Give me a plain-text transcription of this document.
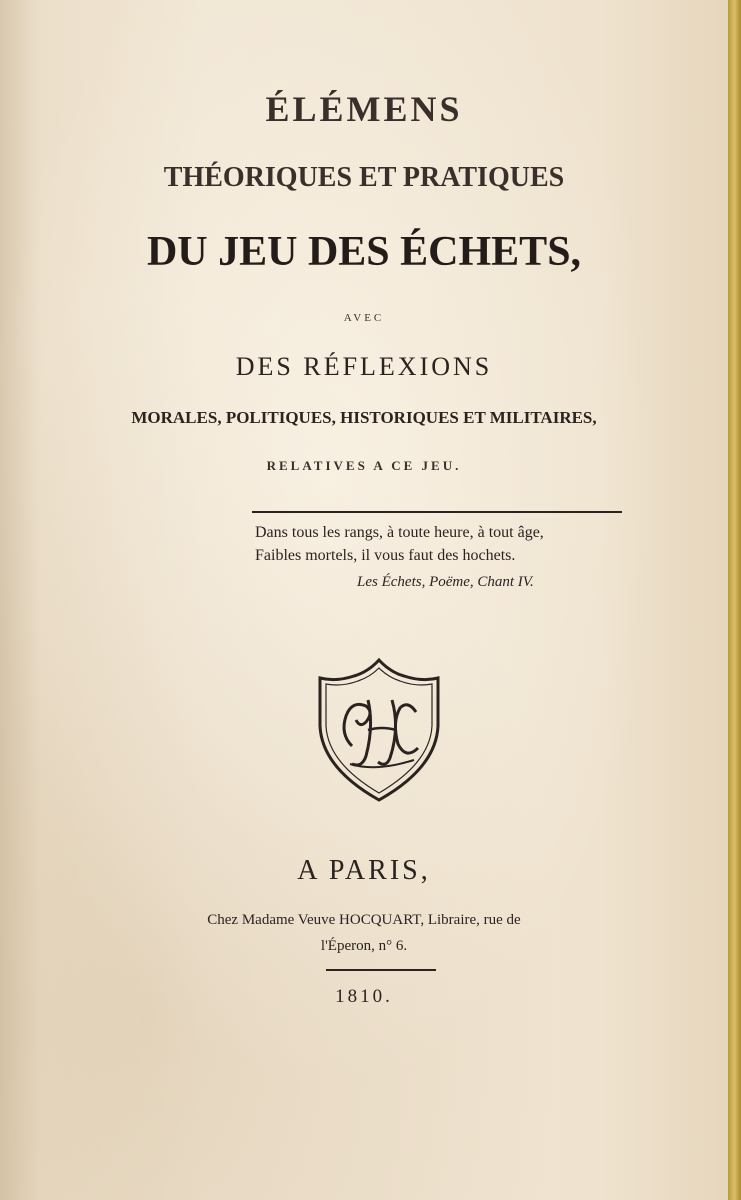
ÉLÉMENS
THÉORIQUES ET PRATIQUES
DU JEU DES ÉCHETS,
AVEC
DES RÉFLEXIONS
MORALES, POLITIQUES, HISTORIQUES ET MILITAIRES,
RELATIVES A CE JEU.
Dans tous les rangs, à toute heure, à tout âge,
Faibles mortels, il vous faut des hochets.
Les Échets, Poëme, Chant IV.
A PARIS,
Chez Madame Veuve HOCQUART, Libraire, rue de
l'Éperon, n° 6.
1810.
